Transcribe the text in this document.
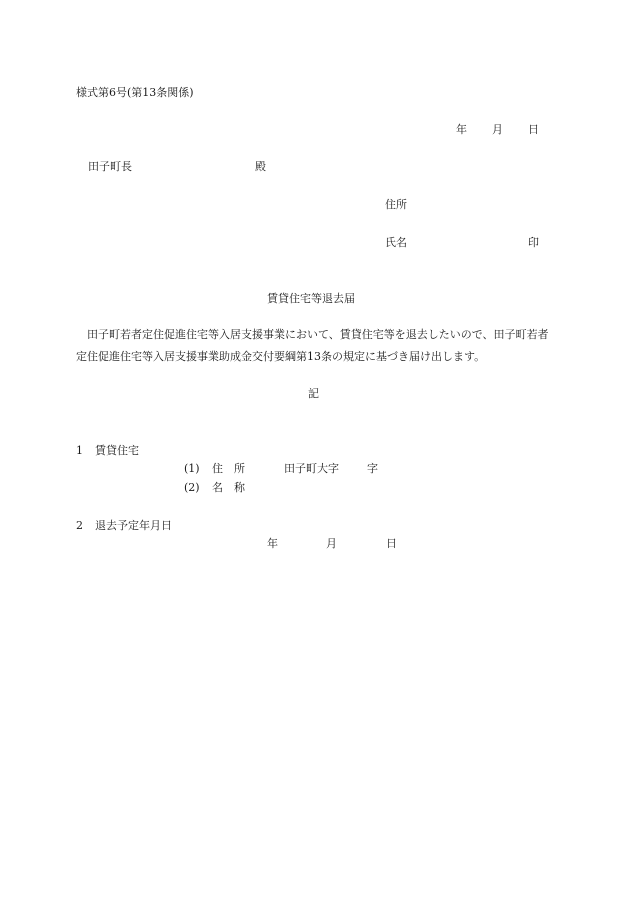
様式第6号(第13条関係)
年 月 日
田子町長	殿
住所
氏名	印
賃貸住宅等退去届
田子町若者定住促進住宅等入居支援事業において、賃貸住宅等を退去したいので、田子町若者定住促進住宅等入居支援事業助成金交付要綱第13条の規定に基づき届け出します。
記
1 賃貸住宅
(1) 住　所	田子町大字	字
(2) 名　称
2 退去予定年月日
年	月	日
